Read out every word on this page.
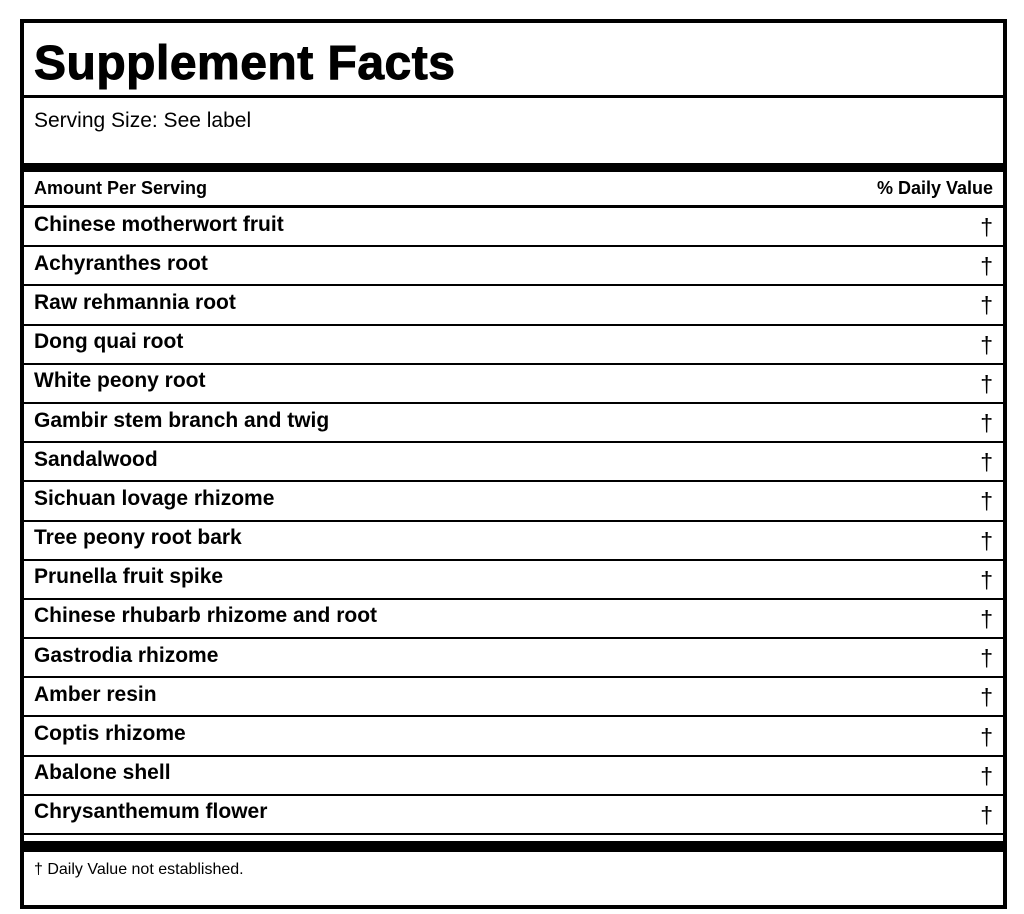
Supplement Facts
Serving Size: See label
Amount Per Serving	% Daily Value
Chinese motherwort fruit	†
Achyranthes root	†
Raw rehmannia root	†
Dong quai root	†
White peony root	†
Gambir stem branch and twig	†
Sandalwood	†
Sichuan lovage rhizome	†
Tree peony root bark	†
Prunella fruit spike	†
Chinese rhubarb rhizome and root	†
Gastrodia rhizome	†
Amber resin	†
Coptis rhizome	†
Abalone shell	†
Chrysanthemum flower	†
† Daily Value not established.
